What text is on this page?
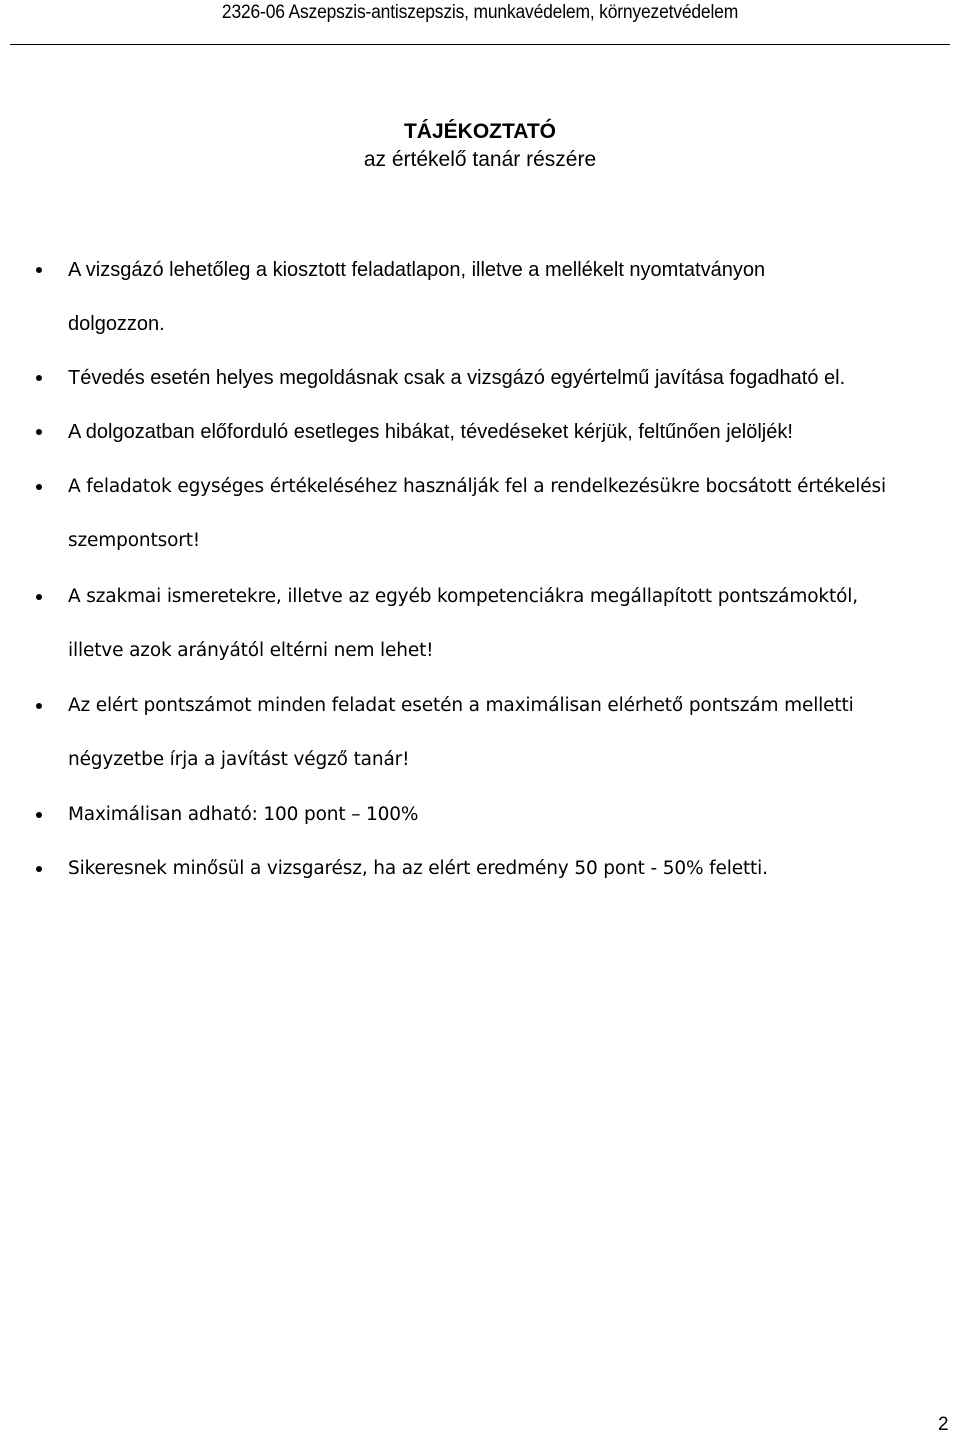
2326-06 Aszepszis-antiszepszis, munkavédelem, környezetvédelem
TÁJÉKOZTATÓ
az értékelő tanár részére
A vizsgázó lehetőleg a kiosztott feladatlapon, illetve a mellékelt nyomtatványon
dolgozzon.
Tévedés esetén helyes megoldásnak csak a vizsgázó egyértelmű javítása fogadható el.
A dolgozatban előforduló esetleges hibákat, tévedéseket kérjük, feltűnően jelöljék!
A feladatok egységes értékeléséhez használják fel a rendelkezésükre bocsátott értékelési
szempontsort!
A szakmai ismeretekre, illetve az egyéb kompetenciákra megállapított pontszámoktól,
illetve azok arányától eltérni nem lehet!
Az elért pontszámot minden feladat esetén a maximálisan elérhető pontszám melletti
négyzetbe írja a javítást végző tanár!
Maximálisan adható: 100 pont – 100%
Sikeresnek minősül a vizsgarész, ha az elért eredmény 50 pont - 50% feletti.
2
